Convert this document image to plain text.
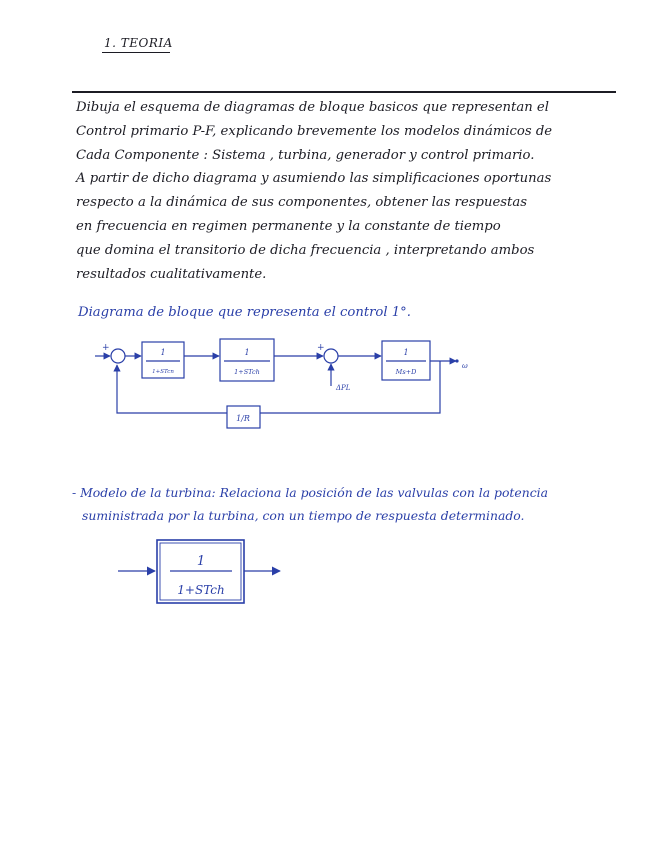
1. TEORIA
Dibuja el esquema de diagramas de bloque basicos que representan el
Control primario P-F, explicando brevemente los modelos dinámicos de
Cada Componente : Sistema , turbina, generador y control primario.
A partir de dicho diagrama y asumiendo las simplificaciones oportunas
respecto a la dinámica de sus componentes, obtener las respuestas
en frecuencia en regimen permanente y la constante de tiempo
que domina el transitorio de dicha frecuencia , interpretando ambos
resultados cualitativamente.
Diagrama de bloque que representa el control 1°.
+	+
1
1+STcn
1
1+STch
1
Ms+D
1/R
ΔPL
ω
1
1+STch
- Modelo de la turbina: Relaciona la posición de las valvulas con la potencia
suministrada por la turbina, con un tiempo de respuesta determinado.
